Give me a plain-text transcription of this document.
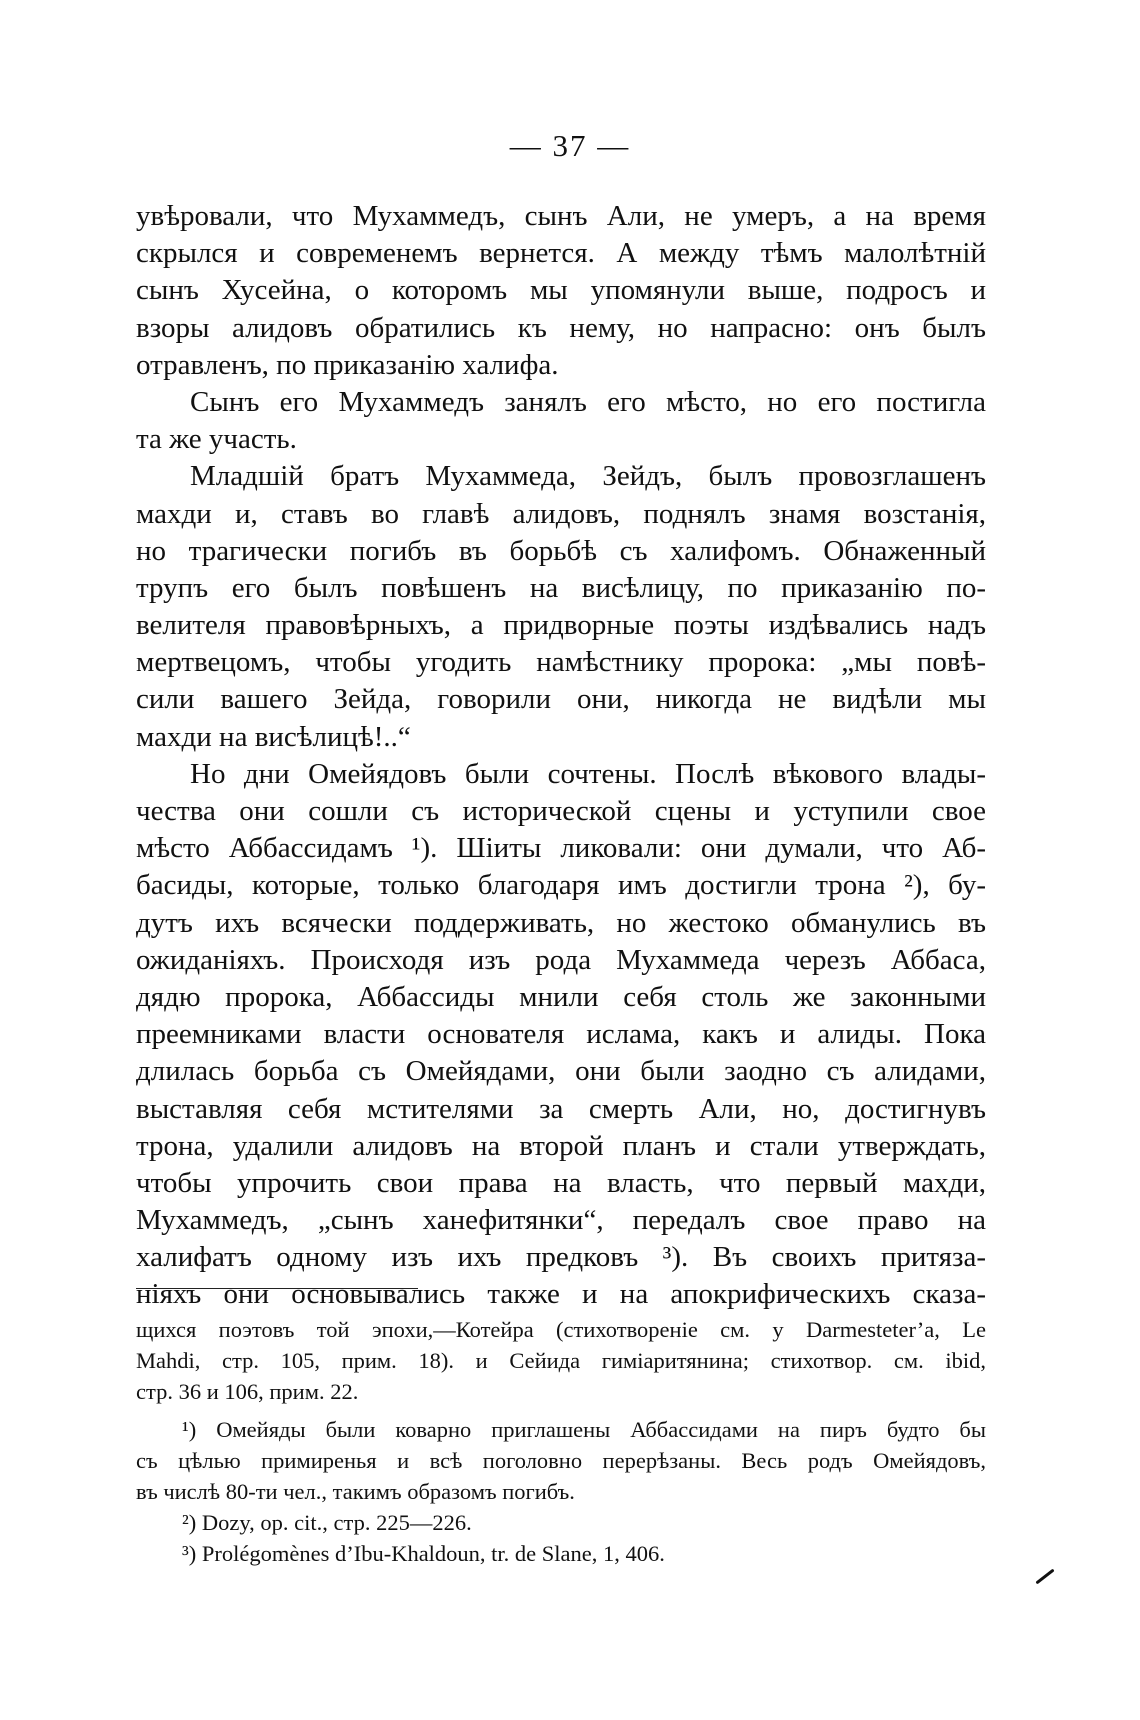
— 37 —
увѣровали, что Мухаммедъ, сынъ Али, не умеръ, а на время
скрылся и современемъ вернется. А между тѣмъ малолѣтній
сынъ Хусейна, о которомъ мы упомянули выше, подросъ и
взоры алидовъ обратились къ нему, но напрасно: онъ былъ
отравленъ, по приказанію халифа.
Сынъ его Мухаммедъ занялъ его мѣсто, но его постигла
та же участь.
Младшій братъ Мухаммеда, Зейдъ, былъ провозглашенъ
махди и, ставъ во главѣ алидовъ, поднялъ знамя возстанія,
но трагически погибъ въ борьбѣ съ халифомъ. Обнаженный
трупъ его былъ повѣшенъ на висѣлицу, по приказанію по-
велителя правовѣрныхъ, а придворные поэты издѣвались надъ
мертвецомъ, чтобы угодить намѣстнику пророка: „мы повѣ-
сили вашего Зейда, говорили они, никогда не видѣли мы
махди на висѣлицѣ!..“
Но дни Омейядовъ были сочтены. Послѣ вѣкового влады-
чества они сошли съ исторической сцены и уступили свое
мѣсто Аббассидамъ ¹). Шіиты ликовали: они думали, что Аб-
басиды, которые, только благодаря имъ достигли трона ²), бу-
дутъ ихъ всячески поддерживать, но жестоко обманулись въ
ожиданіяхъ. Происходя изъ рода Мухаммеда черезъ Аббаса,
дядю пророка, Аббассиды мнили себя столь же законными
преемниками власти основателя ислама, какъ и алиды. Пока
длилась борьба съ Омейядами, они были заодно съ алидами,
выставляя себя мстителями за смерть Али, но, достигнувъ
трона, удалили алидовъ на второй планъ и стали утверждать,
чтобы упрочить свои права на власть, что первый махди,
Мухаммедъ, „сынъ ханефитянки“, передалъ свое право на
халифатъ одному изъ ихъ предковъ ³). Въ своихъ притяза-
ніяхъ они основывались также и на апокрифическихъ сказа-
щихся поэтовъ той эпохи,—Котейра (стихотвореніе см. у Darmesteter’a, Le
Mahdi, стр. 105, прим. 18). и Сейида гиміаритянина; стихотвор. см. ibid,
стр. 36 и 106, прим. 22.
¹) Омейяды были коварно приглашены Аббассидами на пиръ будто бы
съ цѣлью примиренья и всѣ поголовно перерѣзаны. Весь родъ Омейядовъ,
въ числѣ 80-ти чел., такимъ образомъ погибъ.
²) Dozy, op. cit., стр. 225—226.
³) Prolégomènes d’Ibu-Khaldoun, tr. de Slane, 1, 406.
